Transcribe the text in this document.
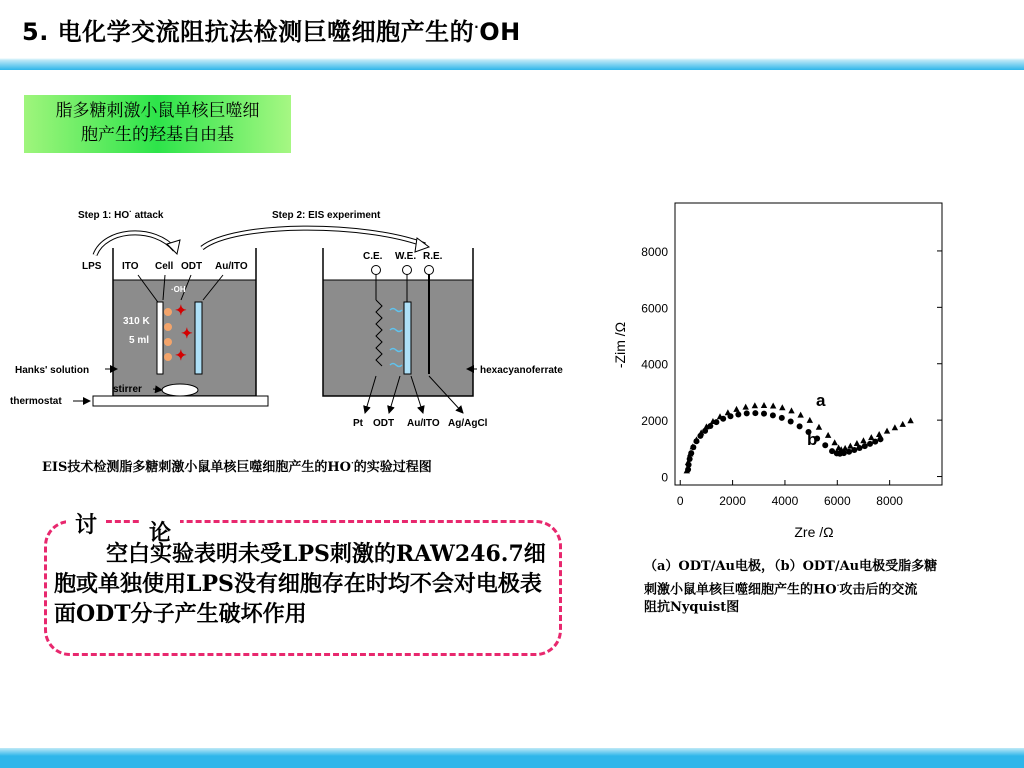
5. 电化学交流阻抗法检测巨噬细胞产生的·OH
脂多糖刺激小鼠单核巨噬细
胞产生的羟基自由基
Step 1: HO· attack	Step 2: EIS experiment
LPS ITO Cell ODT Au/ITO
·OH
✦
✦
✦
310 K
5 ml
stirrer
Hanks' solution
thermostat
C.E. W.E. R.E.
hexacyanoferrate
Pt ODT Au/ITO Ag/AgCl
EIS技术检测脂多糖刺激小鼠单核巨噬细胞产生的HO·的实验过程图
讨	论
空白实验表明未受LPS刺激的RAW246.7细胞或单独使用LPS没有细胞存在时均不会对电极表面ODT分子产生破坏作用
0
2000
4000
6000
8000
0	2000 4000 6000 8000
-Zim /Ω
Zre /Ω
a
b
（a）ODT/Au电极，（b）ODT/Au电极受脂多糖
刺激小鼠单核巨噬细胞产生的HO·攻击后的交流
阻抗Nyquist图
